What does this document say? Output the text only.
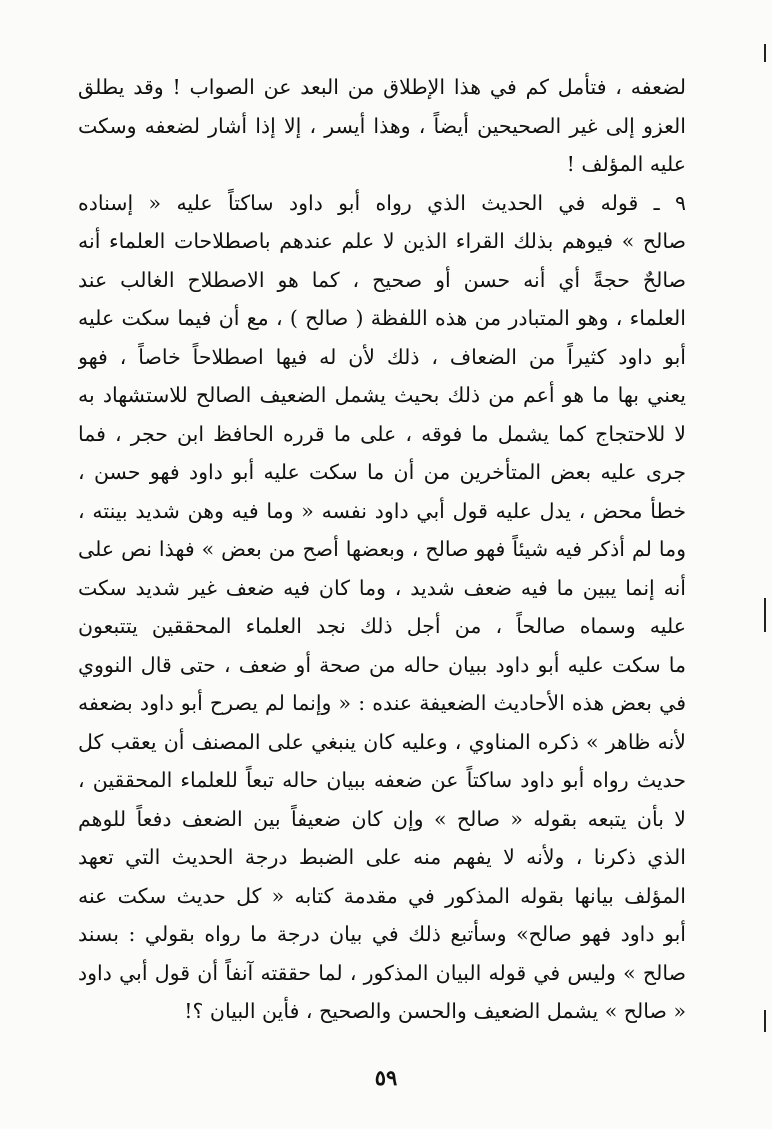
لضعفه ، فتأمل كم في هذا الإطلاق من البعد عن الصواب ! وقد يطلق
العزو إلى غير الصحيحين أيضاً ، وهذا أيسر ، إلا إذا أشار لضعفه وسكت
عليه المؤلف !
٩ ـ قوله في الحديث الذي رواه أبو داود ساكتاً عليه « إسناده
صالح » فيوهم بذلك القراء الذين لا علم عندهم باصطلاحات العلماء أنه
صالحٌ حجةً أي أنه حسن أو صحيح ، كما هو الاصطلاح الغالب عند
العلماء ، وهو المتبادر من هذه اللفظة ( صالح ) ، مع أن فيما سكت عليه
أبو داود كثيراً من الضعاف ، ذلك لأن له فيها اصطلاحاً خاصاً ، فهو
يعني بها ما هو أعم من ذلك بحيث يشمل الضعيف الصالح للاستشهاد به
لا للاحتجاج كما يشمل ما فوقه ، على ما قرره الحافظ ابن حجر ، فما
جرى عليه بعض المتأخرين من أن ما سكت عليه أبو داود فهو حسن ،
خطأ محض ، يدل عليه قول أبي داود نفسه « وما فيه وهن شديد بينته ،
وما لم أذكر فيه شيئاً فهو صالح ، وبعضها أصح من بعض » فهذا نص على
أنه إنما يبين ما فيه ضعف شديد ، وما كان فيه ضعف غير شديد سكت
عليه وسماه صالحاً ، من أجل ذلك نجد العلماء المحققين يتتبعون
ما سكت عليه أبو داود ببيان حاله من صحة أو ضعف ، حتى قال النووي
في بعض هذه الأحاديث الضعيفة عنده : « وإنما لم يصرح أبو داود بضعفه
لأنه ظاهر » ذكره المناوي ، وعليه كان ينبغي على المصنف أن يعقب كل
حديث رواه أبو داود ساكتاً عن ضعفه ببيان حاله تبعاً للعلماء المحققين ،
لا بأن يتبعه بقوله « صالح » وإن كان ضعيفاً بين الضعف دفعاً للوهم
الذي ذكرنا ، ولأنه لا يفهم منه على الضبط درجة الحديث التي تعهد
المؤلف بيانها بقوله المذكور في مقدمة كتابه « كل حديث سكت عنه
أبو داود فهو صالح» وسأتبع ذلك في بيان درجة ما رواه بقولي : بسند
صالح » وليس في قوله البيان المذكور ، لما حققته آنفاً أن قول أبي داود
« صالح » يشمل الضعيف والحسن والصحيح ، فأين البيان ؟!
٥٩
